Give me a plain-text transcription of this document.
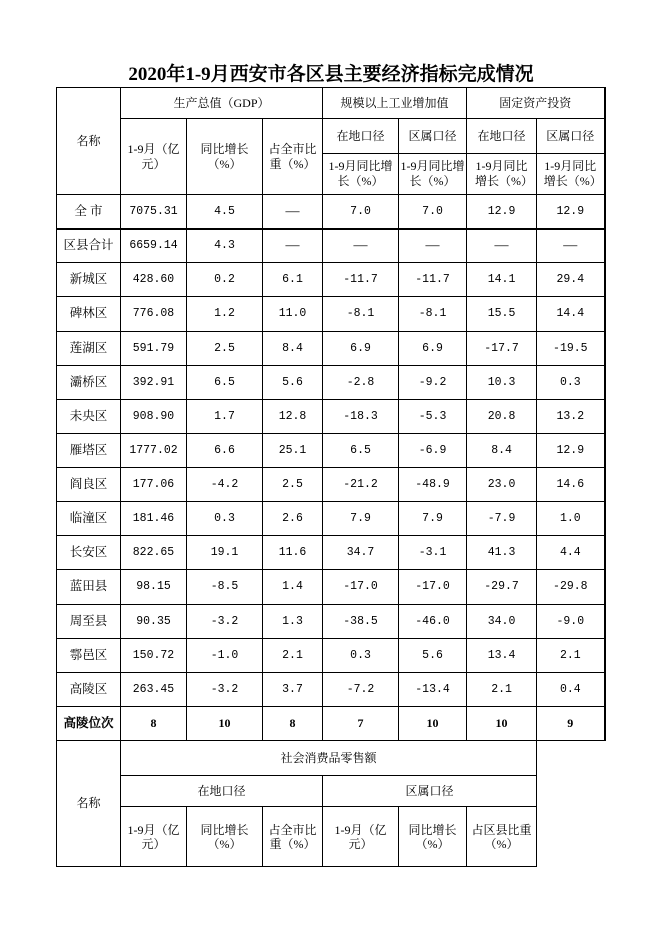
2020年1-9月西安市各区县主要经济指标完成情况
名称	生产总值（GDP）			规模以上工业增加值		固定资产投资	

	1-9月（亿元）	同比增长（%）	占全市比重（%）	在地口径	区属口径	在地口径	区属口径

				1-9月同比增长（%）	1-9月同比增长（%）	1-9月同比增长（%）	1-9月同比增长（%）

全 市	7075.31	4.5	—	7.0	7.0	12.9	12.9
区县合计	6659.14	4.3	—	—	—	—	—
新城区	428.60	0.2	6.1	-11.7	-11.7	14.1	29.4
碑林区	776.08	1.2	11.0	-8.1	-8.1	15.5	14.4
莲湖区	591.79	2.5	8.4	6.9	6.9	-17.7	-19.5
灞桥区	392.91	6.5	5.6	-2.8	-9.2	10.3	0.3
未央区	908.90	1.7	12.8	-18.3	-5.3	20.8	13.2
雁塔区	1777.02	6.6	25.1	6.5	-6.9	8.4	12.9
阎良区	177.06	-4.2	2.5	-21.2	-48.9	23.0	14.6
临潼区	181.46	0.3	2.6	7.9	7.9	-7.9	1.0
长安区	822.65	19.1	11.6	34.7	-3.1	41.3	4.4
蓝田县	98.15	-8.5	1.4	-17.0	-17.0	-29.7	-29.8
周至县	90.35	-3.2	1.3	-38.5	-46.0	34.0	-9.0
鄠邑区	150.72	-1.0	2.1	0.3	5.6	13.4	2.1
高陵区	263.45	-3.2	3.7	-7.2	-13.4	2.1	0.4
高陵位次	8	10	8	7	10	10	9
名称	社会消费品零售额					
	在地口径			区属口径		

	1-9月（亿元）	同比增长（%）	占全市比重（%）	1-9月（亿元）	同比增长（%）	占区县比重（%）
